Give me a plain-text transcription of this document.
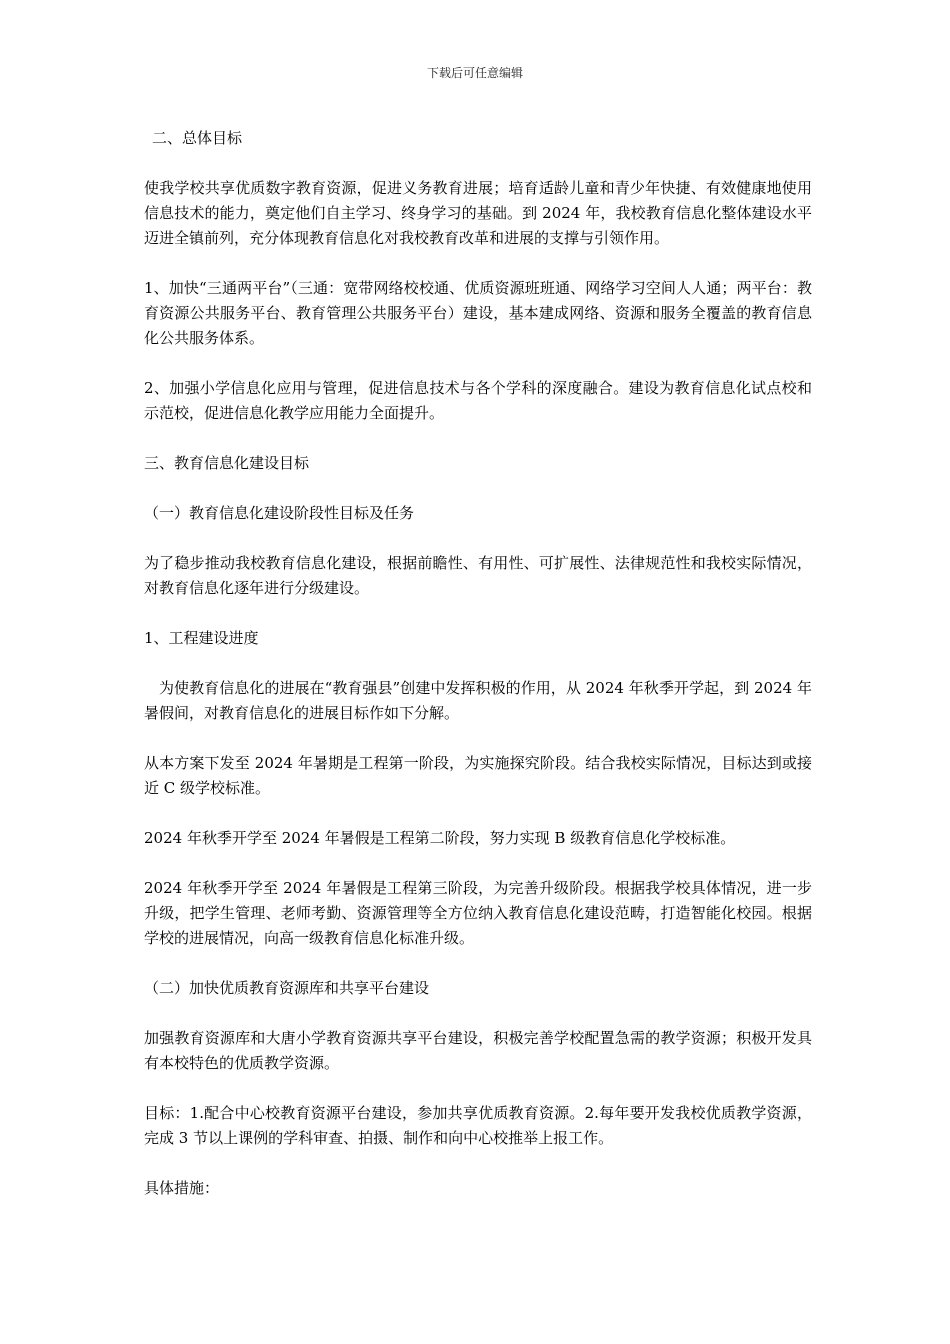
下载后可任意编辑
二、总体目标

使我学校共享优质数字教育资源，促进义务教育进展；培育适龄儿童和青少年快捷、有效健康地使用信息技术的能力，奠定他们自主学习、终身学习的基础。到 2024 年，我校教育信息化整体建设水平迈进全镇前列，充分体现教育信息化对我校教育改革和进展的支撑与引领作用。

1、加快“三通两平台”（三通：宽带网络校校通、优质资源班班通、网络学习空间人人通；两平台：教育资源公共服务平台、教育管理公共服务平台）建设，基本建成网络、资源和服务全覆盖的教育信息化公共服务体系。

2、加强小学信息化应用与管理，促进信息技术与各个学科的深度融合。建设为教育信息化试点校和示范校，促进信息化教学应用能力全面提升。

三、教育信息化建设目标
（一）教育信息化建设阶段性目标及任务

为了稳步推动我校教育信息化建设，根据前瞻性、有用性、可扩展性、法律规范性和我校实际情况，对教育信息化逐年进行分级建设。

1、工程建设进度

为使教育信息化的进展在“教育强县”创建中发挥积极的作用，从 2024 年秋季开学起，到 2024 年暑假间，对教育信息化的进展目标作如下分解。

从本方案下发至 2024 年暑期是工程第一阶段，为实施探究阶段。结合我校实际情况，目标达到或接近 C 级学校标准。

2024 年秋季开学至 2024 年暑假是工程第二阶段，努力实现 B 级教育信息化学校标准。

2024 年秋季开学至 2024 年暑假是工程第三阶段，为完善升级阶段。根据我学校具体情况，进一步升级，把学生管理、老师考勤、资源管理等全方位纳入教育信息化建设范畴，打造智能化校园。根据学校的进展情况，向高一级教育信息化标准升级。

（二）加快优质教育资源库和共享平台建设

加强教育资源库和大唐小学教育资源共享平台建设，积极完善学校配置急需的教学资源；积极开发具有本校特色的优质教学资源。

目标：1.配合中心校教育资源平台建设，参加共享优质教育资源。2.每年要开发我校优质教学资源，完成 3 节以上课例的学科审查、拍摄、制作和向中心校推举上报工作。

具体措施：
